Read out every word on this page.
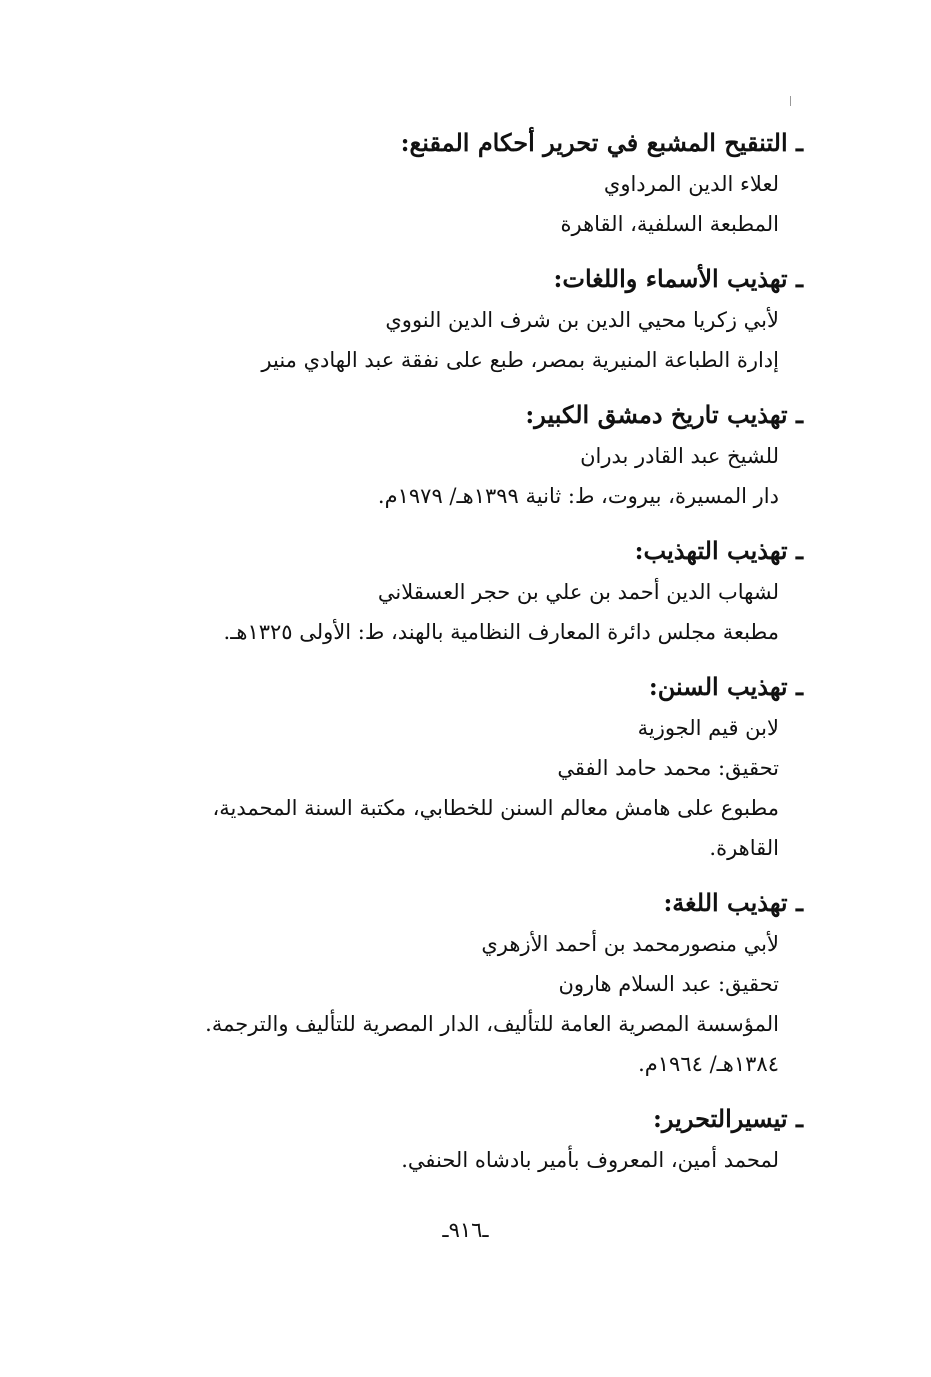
ـ التنقيح المشبع في تحرير أحكام المقنع:
لعلاء الدين المرداوي
المطبعة السلفية، القاهرة
ـ تهذيب الأسماء واللغات:
لأبي زكريا محيي الدين بن شرف الدين النووي
إدارة الطباعة المنيرية بمصر، طبع على نفقة عبد الهادي منير
ـ تهذيب تاريخ دمشق الكبير:
للشيخ عبد القادر بدران
دار المسيرة، بيروت، ط: ثانية ١٣٩٩هـ/ ١٩٧٩م.
ـ تهذيب التهذيب:
لشهاب الدين أحمد بن علي بن حجر العسقلاني
مطبعة مجلس دائرة المعارف النظامية بالهند، ط: الأولى ١٣٢٥هـ.
ـ تهذيب السنن:
لابن قيم الجوزية
تحقيق: محمد حامد الفقي
مطبوع على هامش معالم السنن للخطابي، مكتبة السنة المحمدية،
القاهرة.
ـ تهذيب اللغة:
لأبي منصورمحمد بن أحمد الأزهري
تحقيق: عبد السلام هارون
المؤسسة المصرية العامة للتأليف، الدار المصرية للتأليف والترجمة.
١٣٨٤هـ/ ١٩٦٤م.
ـ تيسيرالتحرير:
لمحمد أمين، المعروف بأمير بادشاه الحنفي.
ـ٩١٦ـ
